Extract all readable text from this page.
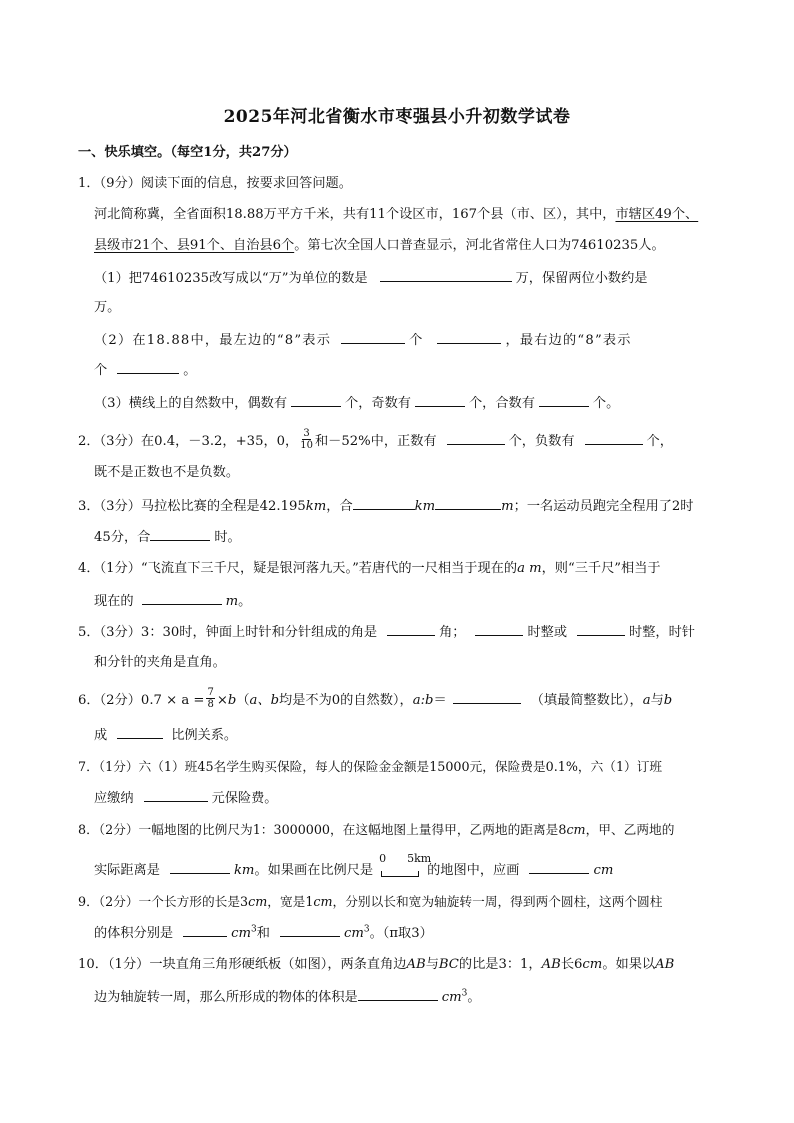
2025年河北省衡水市枣强县小升初数学试卷
一、快乐填空。（每空1分，共27分）
1．（9分）阅读下面的信息，按要求回答问题。
河北简称冀，全省面积18.88万平方千米，共有11个设区市，167个县（市、区），其中，市辖区49个、
县级市21个、县91个、自治县6个。第七次全国人口普查显示，河北省常住人口为74610235人。
（1）把74610235改写成以“万”为单位的数是	万，保留两位小数约是
万。
（2）在18.88中，最左边的“8”表示	个	，最右边的“8”表示
个	。
（3）横线上的自然数中，偶数有	个，奇数有	个，合数有	个。
2．（3分）在0.4，－3.2，+35，0， $\frac{3}{10}$ 和－52%中，正数有	个，负数有	个，
既不是正数也不是负数。
3．（3分）马拉松比赛的全程是42.195km，合	km	m；一名运动员跑完全程用了2时
45分，合	时。
4．（1分）“飞流直下三千尺，疑是银河落九天。”若唐代的一尺相当于现在的a m，则“三千尺”相当于
现在的	m。
5．（3分）3：30时，钟面上时针和分针组成的角是	角；	时整或	时整，时针
和分针的夹角是直角。
6．（2分）$0.7 \times a = \frac{7}{8} \times b(a$、b均是不为0的自然数），a:b＝	（填最简整数比），a与b
成	比例关系。
7．（1分）六（1）班45名学生购买保险，每人的保险金金额是15000元，保险费是0.1%，六（1）订班
应缴纳	元保险费。
8．（2分）一幅地图的比例尺为1：3000000，在这幅地图上量得甲，乙两地的距离是8cm，甲、乙两地的
实际距离是	km。如果画在比例尺是
0 5km
的地图中，应画	cm
9．（2分）一个长方形的长是3cm，宽是1cm，分别以长和宽为轴旋转一周，得到两个圆柱，这两个圆柱
的体积分别是	$cm^3$和	$cm^3$。（π取3）
10．（1分）一块直角三角形硬纸板（如图），两条直角边AB与BC的比是3：1，AB长6cm。如果以AB
边为轴旋转一周，那么所形成的物体的体积是	$cm^3$。
